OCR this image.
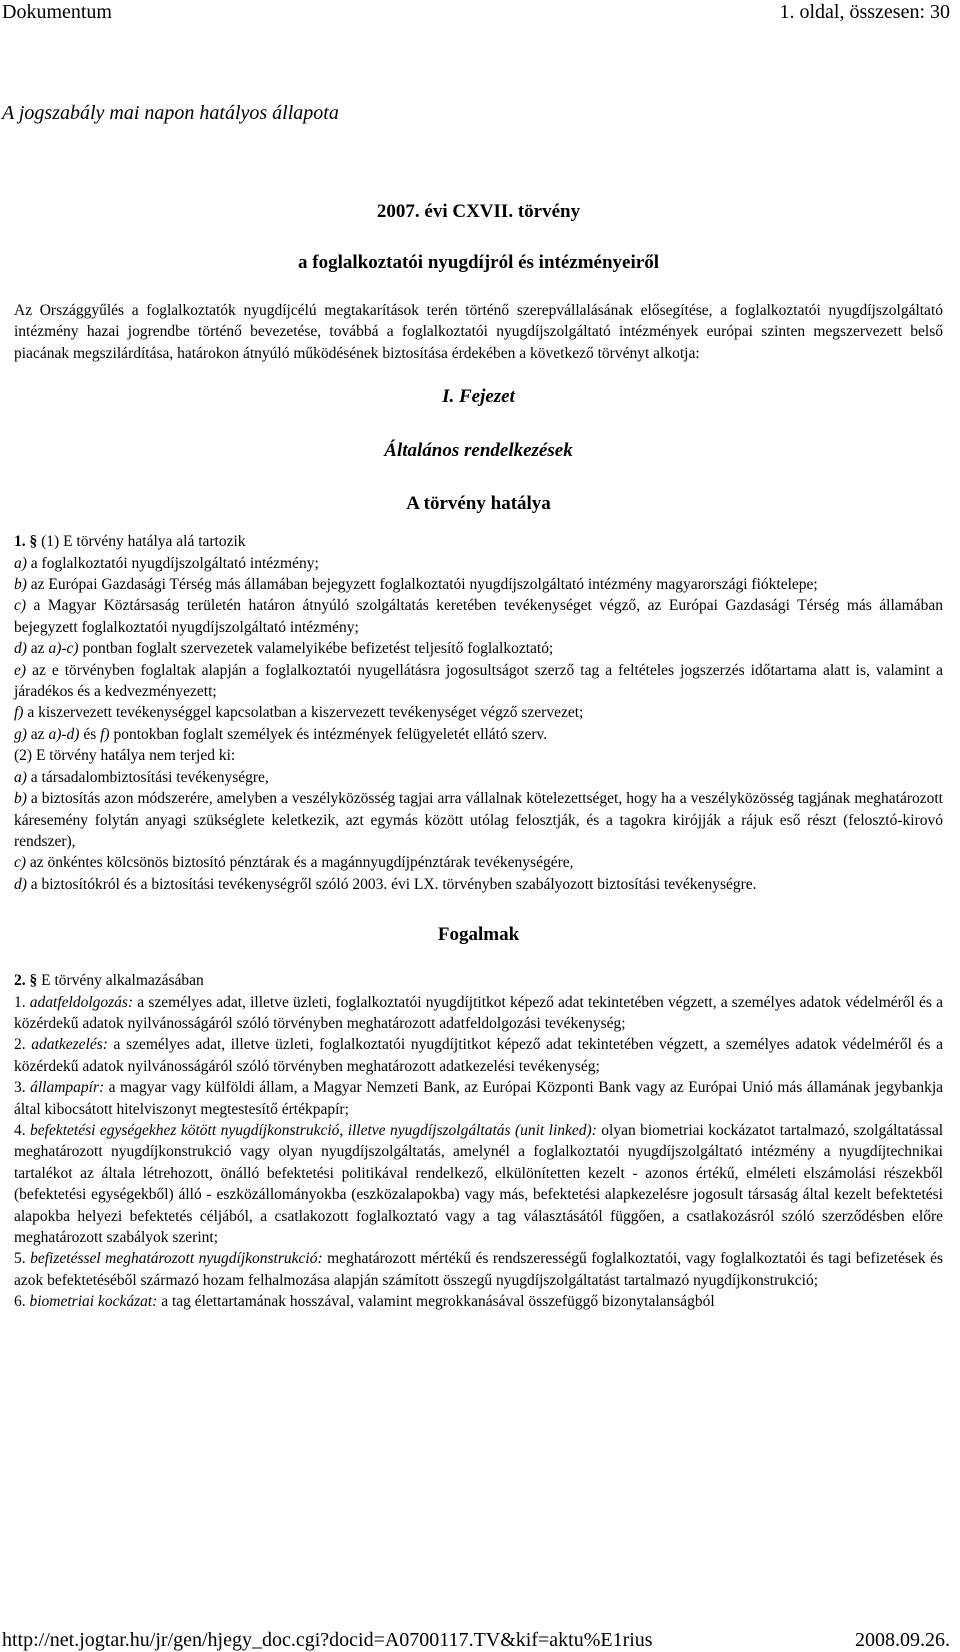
Dokumentum	1. oldal, összesen: 30
A jogszabály mai napon hatályos állapota
2007. évi CXVII. törvény
a foglalkoztatói nyugdíjról és intézményeiről

Az Országgyűlés a foglalkoztatók nyugdíjcélú megtakarítások terén történő szerepvállalásának elősegítése, a foglalkoztatói nyugdíjszolgáltató intézmény hazai jogrendbe történő bevezetése, továbbá a foglalkoztatói nyugdíjszolgáltató intézmények európai szinten megszervezett belső piacának megszilárdítása, határokon átnyúló működésének biztosítása érdekében a következő törvényt alkotja:

I. Fejezet
Általános rendelkezések
A törvény hatálya

1. § (1) E törvény hatálya alá tartozik

a) a foglalkoztatói nyugdíjszolgáltató intézmény;

b) az Európai Gazdasági Térség más államában bejegyzett foglalkoztatói nyugdíjszolgáltató intézmény magyarországi fióktelepe;

c) a Magyar Köztársaság területén határon átnyúló szolgáltatás keretében tevékenységet végző, az Európai Gazdasági Térség más államában bejegyzett foglalkoztatói nyugdíjszolgáltató intézmény;

d) az a)-c) pontban foglalt szervezetek valamelyikébe befizetést teljesítő foglalkoztató;

e) az e törvényben foglaltak alapján a foglalkoztatói nyugellátásra jogosultságot szerző tag a feltételes jogszerzés időtartama alatt is, valamint a járadékos és a kedvezményezett;

f) a kiszervezett tevékenységgel kapcsolatban a kiszervezett tevékenységet végző szervezet;

g) az a)-d) és f) pontokban foglalt személyek és intézmények felügyeletét ellátó szerv.

(2) E törvény hatálya nem terjed ki:

a) a társadalombiztosítási tevékenységre,

b) a biztosítás azon módszerére, amelyben a veszélyközösség tagjai arra vállalnak kötelezettséget, hogy ha a veszélyközösség tagjának meghatározott káresemény folytán anyagi szükséglete keletkezik, azt egymás között utólag felosztják, és a tagokra kirójják a rájuk eső részt (felosztó-kirovó rendszer),

c) az önkéntes kölcsönös biztosító pénztárak és a magánnyugdíjpénztárak tevékenységére,

d) a biztosítókról és a biztosítási tevékenységről szóló 2003. évi LX. törvényben szabályozott biztosítási tevékenységre.

Fogalmak

2. § E törvény alkalmazásában

1. adatfeldolgozás: a személyes adat, illetve üzleti, foglalkoztatói nyugdíjtitkot képező adat tekintetében végzett, a személyes adatok védelméről és a közérdekű adatok nyilvánosságáról szóló törvényben meghatározott adatfeldolgozási tevékenység;

2. adatkezelés: a személyes adat, illetve üzleti, foglalkoztatói nyugdíjtitkot képező adat tekintetében végzett, a személyes adatok védelméről és a közérdekű adatok nyilvánosságáról szóló törvényben meghatározott adatkezelési tevékenység;

3. állampapír: a magyar vagy külföldi állam, a Magyar Nemzeti Bank, az Európai Központi Bank vagy az Európai Unió más államának jegybankja által kibocsátott hitelviszonyt megtestesítő értékpapír;

4. befektetési egységekhez kötött nyugdíjkonstrukció, illetve nyugdíjszolgáltatás (unit linked): olyan biometriai kockázatot tartalmazó, szolgáltatással meghatározott nyugdíjkonstrukció vagy olyan nyugdíjszolgáltatás, amelynél a foglalkoztatói nyugdíjszolgáltató intézmény a nyugdíjtechnikai tartalékot az általa létrehozott, önálló befektetési politikával rendelkező, elkülönítetten kezelt - azonos értékű, elméleti elszámolási részekből (befektetési egységekből) álló - eszközállományokba (eszközalapokba) vagy más, befektetési alapkezelésre jogosult társaság által kezelt befektetési alapokba helyezi befektetés céljából, a csatlakozott foglalkoztató vagy a tag választásától függően, a csatlakozásról szóló szerződésben előre meghatározott szabályok szerint;

5. befizetéssel meghatározott nyugdíjkonstrukció: meghatározott mértékű és rendszerességű foglalkoztatói, vagy foglalkoztatói és tagi befizetések és azok befektetéséből származó hozam felhalmozása alapján számított összegű nyugdíjszolgáltatást tartalmazó nyugdíjkonstrukció;

6. biometriai kockázat: a tag élettartamának hosszával, valamint megrokkanásával összefüggő bizonytalanságból

http://net.jogtar.hu/jr/gen/hjegy_doc.cgi?docid=A0700117.TV&kif=aktu%E1rius	2008.09.26.
